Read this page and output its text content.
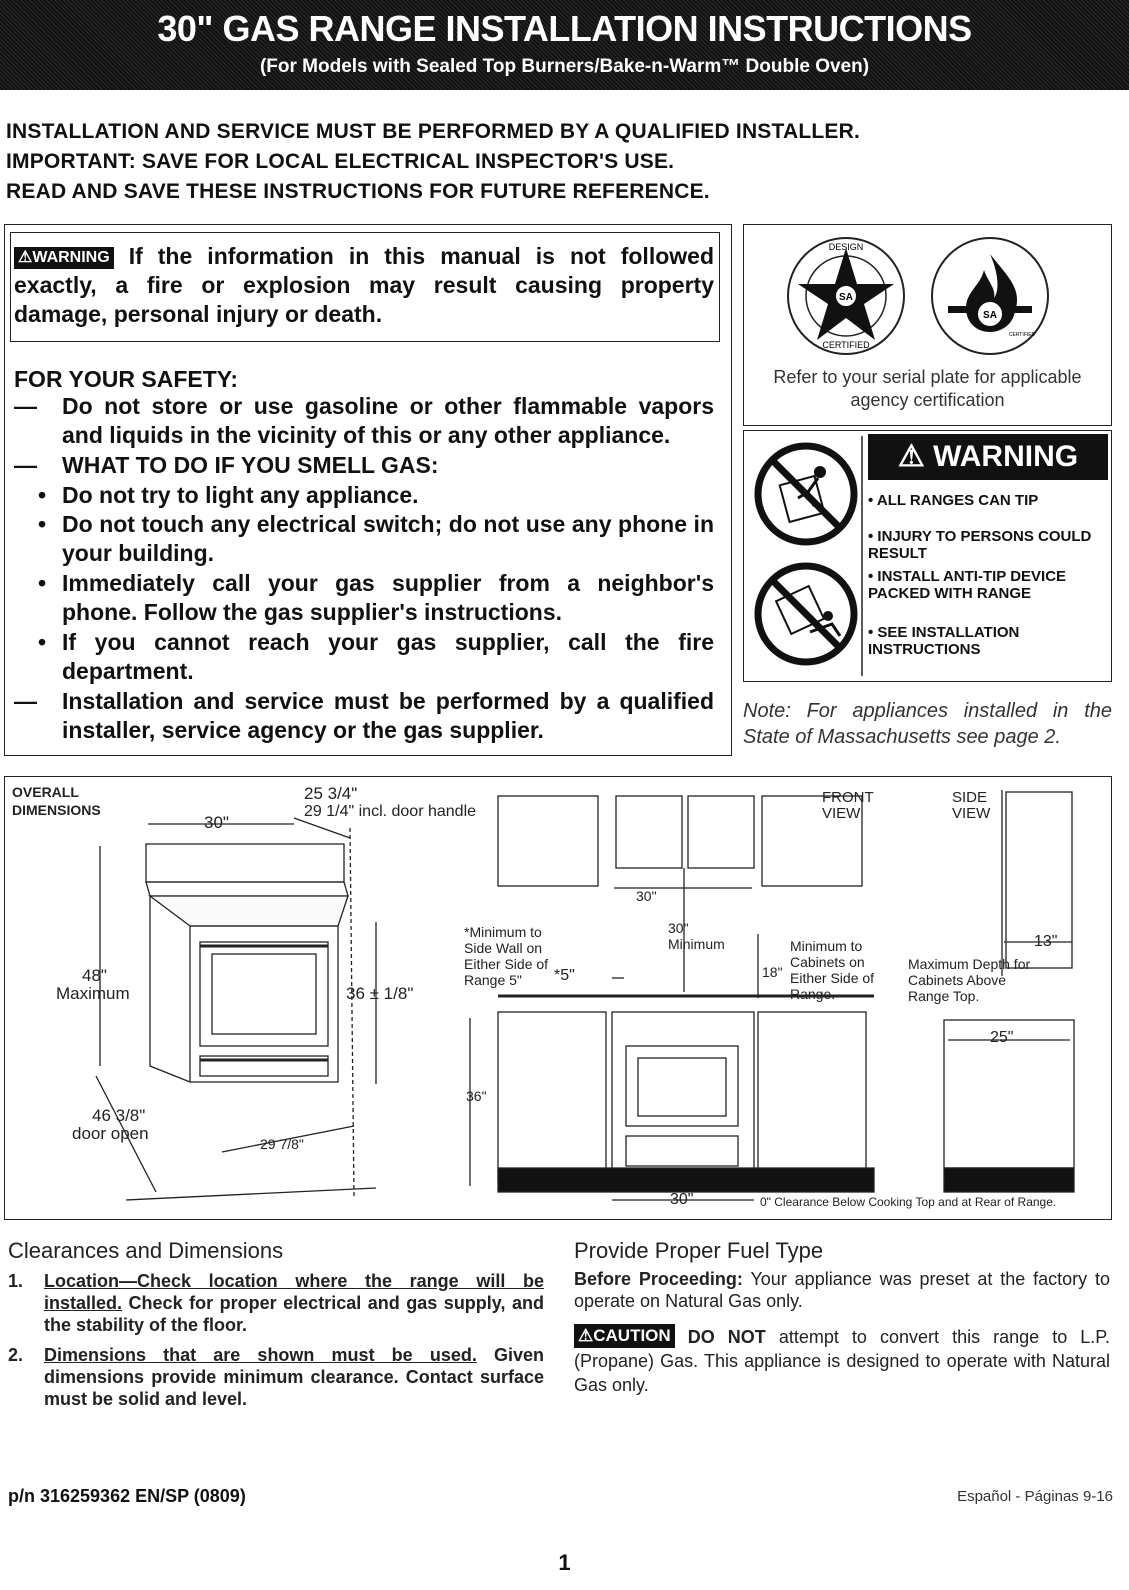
30" GAS RANGE INSTALLATION INSTRUCTIONS
(For Models with Sealed Top Burners/Bake-n-Warm™ Double Oven)
INSTALLATION AND SERVICE MUST BE PERFORMED BY A QUALIFIED INSTALLER.
IMPORTANT: SAVE FOR LOCAL ELECTRICAL INSPECTOR'S USE.
READ AND SAVE THESE INSTRUCTIONS FOR FUTURE REFERENCE.
⚠WARNING If the information in this manual is not followed exactly, a fire or explosion may result causing property damage, personal injury or death.
FOR YOUR SAFETY:
—	Do not store or use gasoline or other flammable vapors and liquids in the vicinity of this or any other appliance.
—	WHAT TO DO IF YOU SMELL GAS:
• Do not try to light any appliance.
• Do not touch any electrical switch; do not use any phone in your building.
• Immediately call your gas supplier from a neighbor's phone. Follow the gas supplier's instructions.
• If you cannot reach your gas supplier, call the fire department.
—	Installation and service must be performed by a qualified installer, service agency or the gas supplier.
SA
DESIGN
CERTIFIED
SA
CERTIFIED
Refer to your serial plate for applicable agency certification
⚠ WARNING
• ALL RANGES CAN TIP
• INJURY TO PERSONS COULD RESULT
• INSTALL ANTI-TIP DEVICE PACKED WITH RANGE
• SEE INSTALLATION INSTRUCTIONS
Note: For appliances installed in the State of Massachusetts see page 2.
OVERALL
DIMENSIONS
30"
25 3/4"
29 1/4" incl. door handle
48"
Maximum	36 ± 1/8"
46 3/8"
door open
29 7/8"
FRONT
VIEW
SIDE
VIEW
30"
*Minimum to Side Wall on Either Side of Range 5"	*5"
30"
Minimum
18"
Minimum to Cabinets on Either Side of Range.
13"
Maximum Depth for Cabinets Above Range Top.
25"
36"
30"	0" Clearance Below Cooking Top and at Rear of Range.
Clearances and Dimensions
1. Location—Check location where the range will be installed. Check for proper electrical and gas supply, and the stability of the floor.
2. Dimensions that are shown must be used. Given dimensions provide minimum clearance. Contact surface must be solid and level.
Provide Proper Fuel Type
Before Proceeding: Your appliance was preset at the factory to operate on Natural Gas only.
⚠CAUTION DO NOT attempt to convert this range to L.P. (Propane) Gas. This appliance is designed to operate with Natural Gas only.
p/n 316259362 EN/SP (0809)	Español - Páginas 9-16
1
